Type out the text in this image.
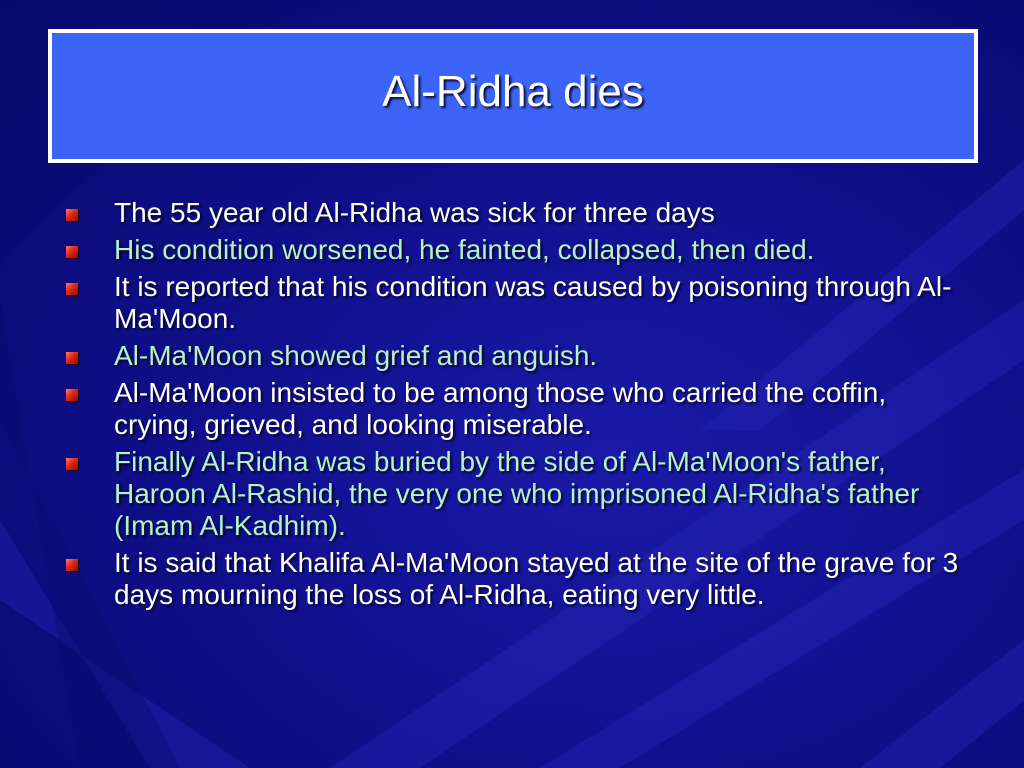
Al-Ridha dies
The 55 year old Al-Ridha was sick for three days
His condition worsened, he fainted, collapsed, then died.
It is reported that his condition was caused by poisoning through Al-Ma'Moon.
Al-Ma'Moon showed grief and anguish.
Al-Ma'Moon insisted to be among those who carried the coffin, crying, grieved, and looking miserable.
Finally Al-Ridha was buried by the side of Al-Ma'Moon's father, Haroon Al-Rashid, the very one who imprisoned Al-Ridha's father (Imam Al-Kadhim).
It is said that Khalifa Al-Ma'Moon stayed at the site of the grave for 3 days mourning the loss of Al-Ridha, eating very little.
